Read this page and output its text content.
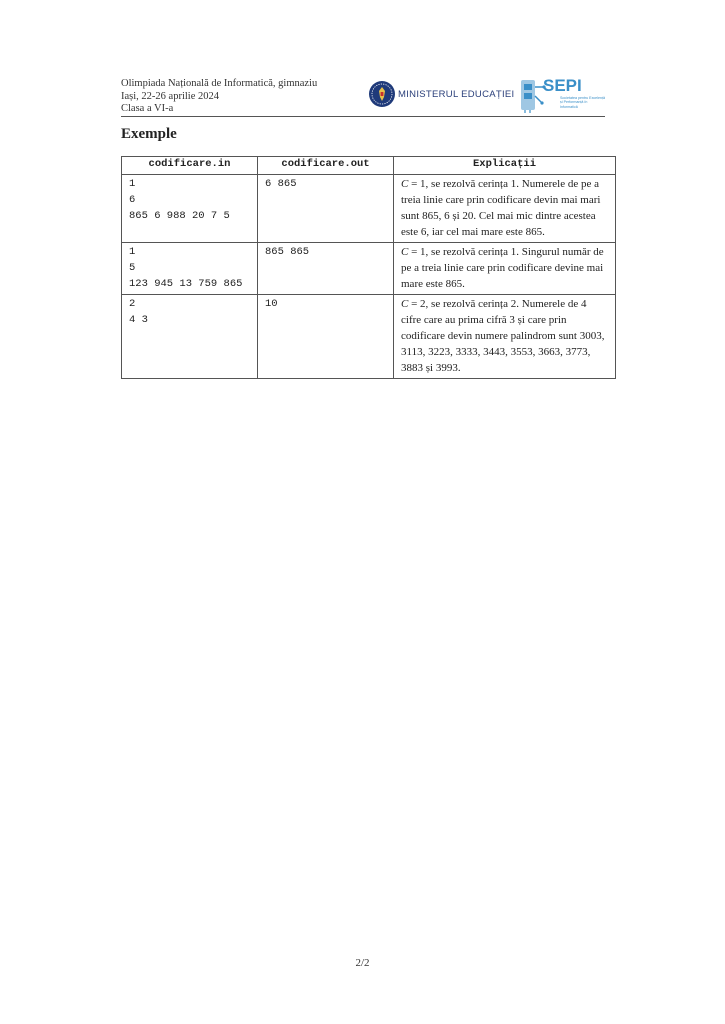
Olimpiada Națională de Informatică, gimnaziu
Iași, 22-26 aprilie 2024
Clasa a VI-a
MINISTERUL EDUCAȚIEI SEPI
Societatea pentru Excelență și Performanță în Informatică
Exemple
codificare.in	codificare.out	Explicații

1
6
865 6 988 20 7 5	6 865	C = 1, se rezolvă cerința 1. Numerele de pe a treia linie care prin codificare devin mai mari sunt 865, 6 și 20. Cel mai mic dintre acestea este 6, iar cel mai mare este 865.

1
5
123 945 13 759 865	865 865	C = 1, se rezolvă cerința 1. Singurul număr de pe a treia linie care prin codificare devine mai mare este 865.

2
4 3	10	C = 2, se rezolvă cerința 2. Numerele de 4 cifre care au prima cifră 3 și care prin codificare devin numere palindrom sunt 3003, 3113, 3223, 3333, 3443, 3553, 3663, 3773, 3883 și 3993.
2/2
